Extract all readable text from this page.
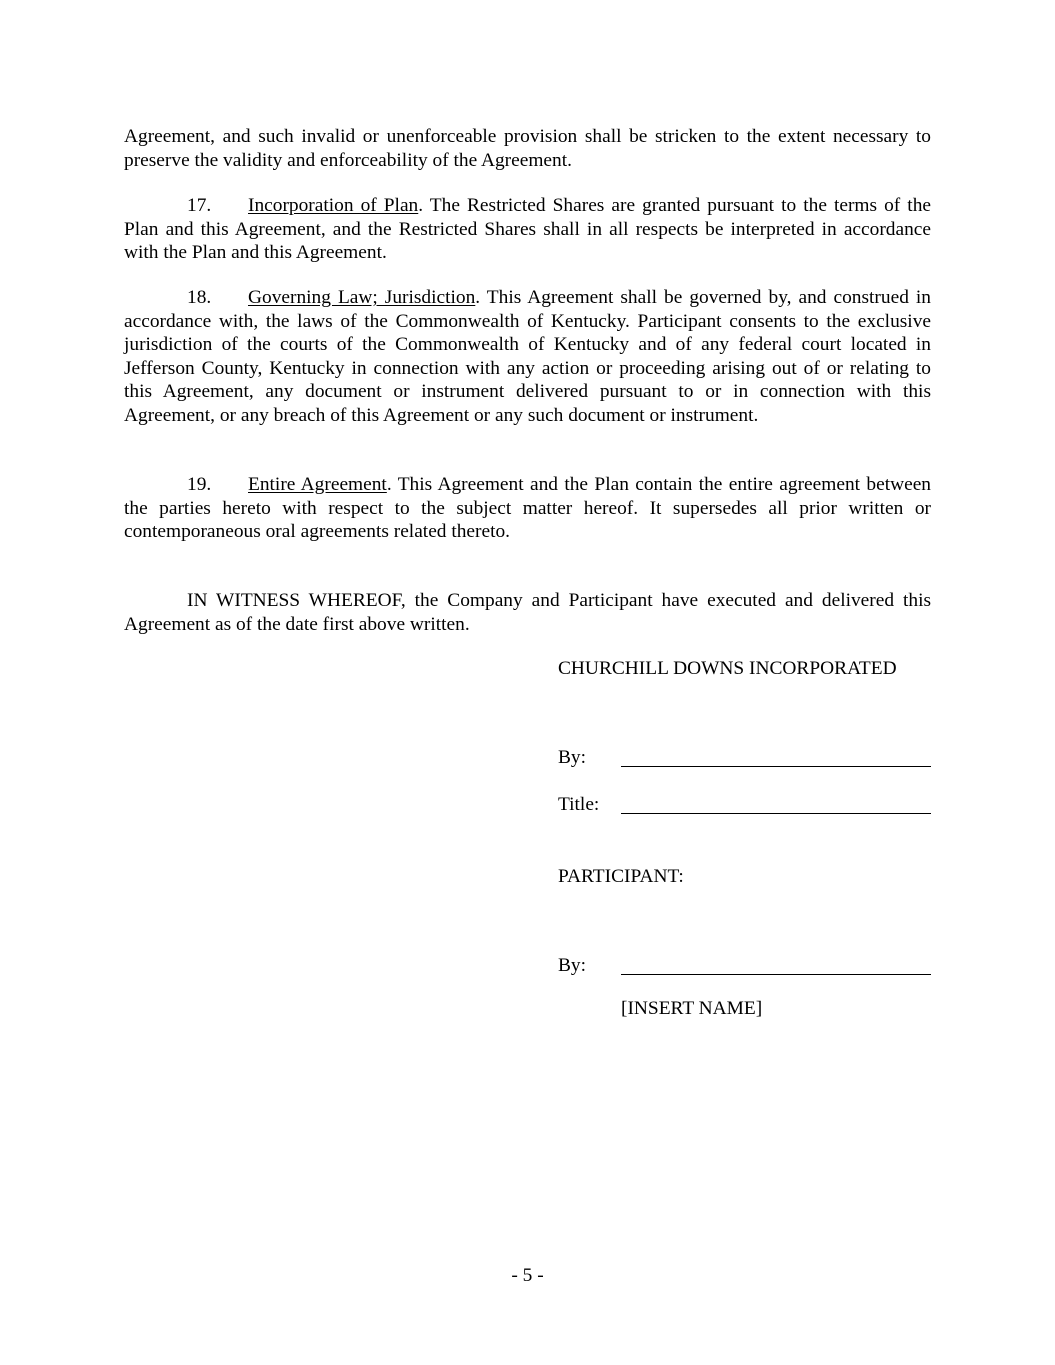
Agreement, and such invalid or unenforceable provision shall be stricken to the extent necessary to preserve the validity and enforceability of the Agreement.

17. Incorporation of Plan. The Restricted Shares are granted pursuant to the terms of the Plan and this Agreement, and the Restricted Shares shall in all respects be interpreted in accordance with the Plan and this Agreement.

18. Governing Law; Jurisdiction. This Agreement shall be governed by, and construed in accordance with, the laws of the Commonwealth of Kentucky. Participant consents to the exclusive jurisdiction of the courts of the Commonwealth of Kentucky and of any federal court located in Jefferson County, Kentucky in connection with any action or proceeding arising out of or relating to this Agreement, any document or instrument delivered pursuant to or in connection with this Agreement, or any breach of this Agreement or any such document or instrument.

19. Entire Agreement. This Agreement and the Plan contain the entire agreement between the parties hereto with respect to the subject matter hereof. It supersedes all prior written or contemporaneous oral agreements related thereto.

IN WITNESS WHEREOF, the Company and Participant have executed and delivered this Agreement as of the date first above written.

CHURCHILL DOWNS INCORPORATED

By:

Title:

PARTICIPANT:

By:

[INSERT NAME]

- 5 -
